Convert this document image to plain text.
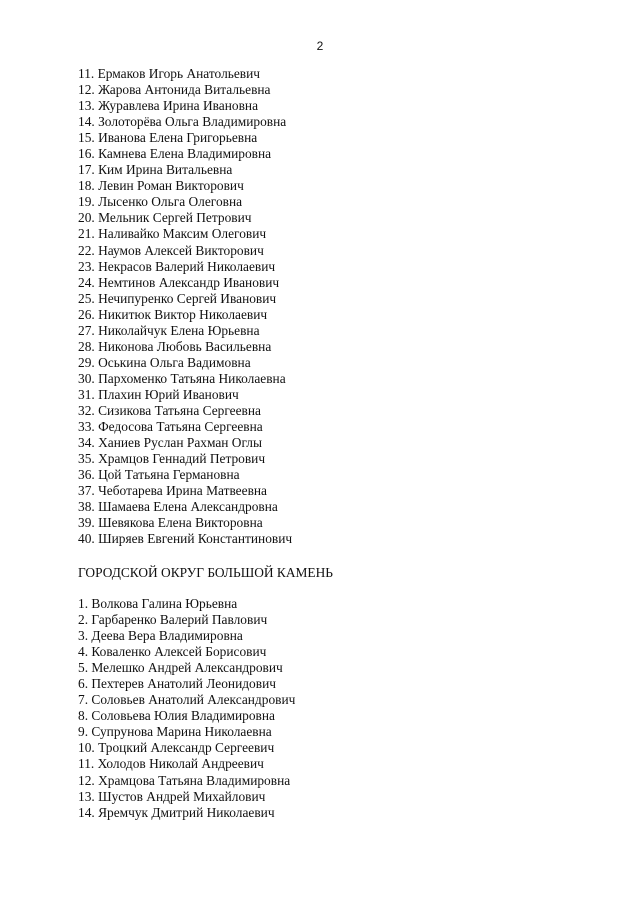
2
11. Ермаков Игорь Анатольевич
12. Жарова Антонида Витальевна
13. Журавлева Ирина Ивановна
14. Золоторёва Ольга Владимировна
15. Иванова Елена Григорьевна
16. Камнева Елена Владимировна
17. Ким Ирина Витальевна
18. Левин Роман Викторович
19. Лысенко Ольга Олеговна
20. Мельник Сергей Петрович
21. Наливайко Максим Олегович
22. Наумов Алексей Викторович
23. Некрасов Валерий Николаевич
24. Немтинов Александр Иванович
25. Нечипуренко Сергей Иванович
26. Никитюк Виктор Николаевич
27. Николайчук Елена Юрьевна
28. Никонова Любовь Васильевна
29. Оськина Ольга Вадимовна
30. Пархоменко Татьяна Николаевна
31. Плахин Юрий Иванович
32. Сизикова Татьяна Сергеевна
33. Федосова Татьяна Сергеевна
34. Ханиев Руслан Рахман Оглы
35. Храмцов Геннадий Петрович
36. Цой Татьяна Германовна
37. Чеботарева Ирина Матвеевна
38. Шамаева Елена Александровна
39. Шевякова Елена Викторовна
40. Ширяев Евгений Константинович
ГОРОДСКОЙ ОКРУГ БОЛЬШОЙ КАМЕНЬ
1. Волкова Галина Юрьевна
2. Гарбаренко Валерий Павлович
3. Деева Вера Владимировна
4. Коваленко Алексей Борисович
5. Мелешко Андрей Александрович
6. Пехтерев Анатолий Леонидович
7. Соловьев Анатолий Александрович
8. Соловьева Юлия Владимировна
9. Супрунова Марина Николаевна
10. Троцкий Александр Сергеевич
11. Холодов Николай Андреевич
12. Храмцова Татьяна Владимировна
13. Шустов Андрей Михайлович
14. Яремчук Дмитрий Николаевич
